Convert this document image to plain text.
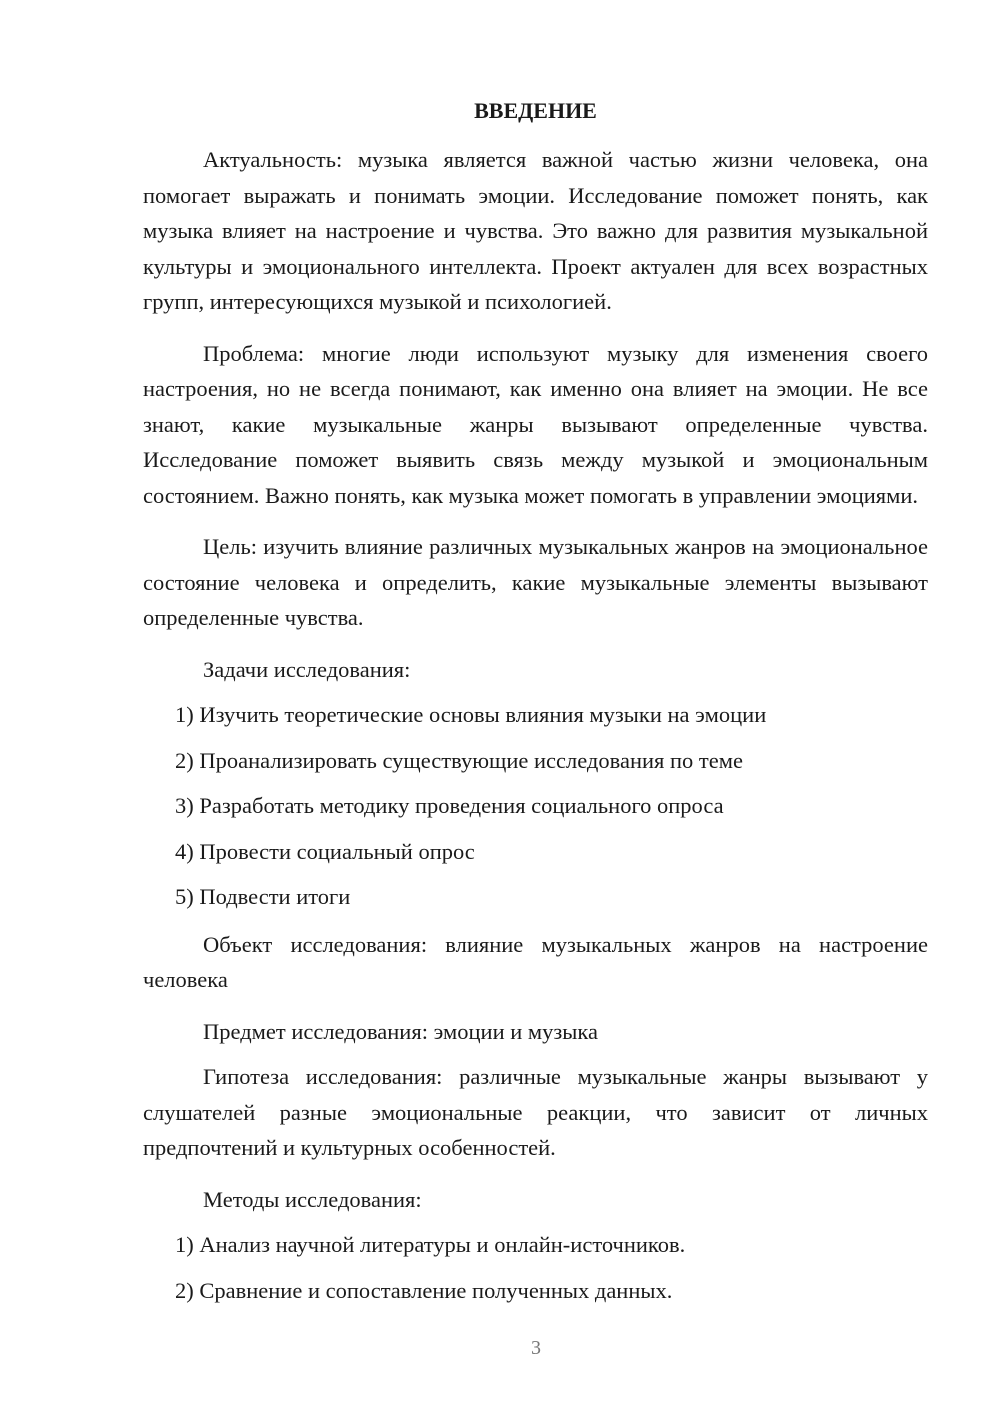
ВВЕДЕНИЕ

Актуальность: музыка является важной частью жизни человека, она помогает выражать и понимать эмоции. Исследование поможет понять, как музыка влияет на настроение и чувства. Это важно для развития музыкальной культуры и эмоционального интеллекта. Проект актуален для всех возрастных групп, интересующихся музыкой и психологией.

Проблема: многие люди используют музыку для изменения своего настроения, но не всегда понимают, как именно она влияет на эмоции. Не все знают, какие музыкальные жанры вызывают определенные чувства. Исследование поможет выявить связь между музыкой и эмоциональным состоянием. Важно понять, как музыка может помогать в управлении эмоциями.

Цель: изучить влияние различных музыкальных жанров на эмоциональное состояние человека и определить, какие музыкальные элементы вызывают определенные чувства.

Задачи исследования:

1) Изучить теоретические основы влияния музыки на эмоции
2) Проанализировать существующие исследования по теме
3) Разработать методику проведения социального опроса
4) Провести социальный опрос
5) Подвести итоги

Объект исследования: влияние музыкальных жанров на настроение человека

Предмет исследования: эмоции и музыка

Гипотеза исследования: различные музыкальные жанры вызывают у слушателей разные эмоциональные реакции, что зависит от личных предпочтений и культурных особенностей.

Методы исследования:

1) Анализ научной литературы и онлайн-источников.
2) Сравнение и сопоставление полученных данных.
3
